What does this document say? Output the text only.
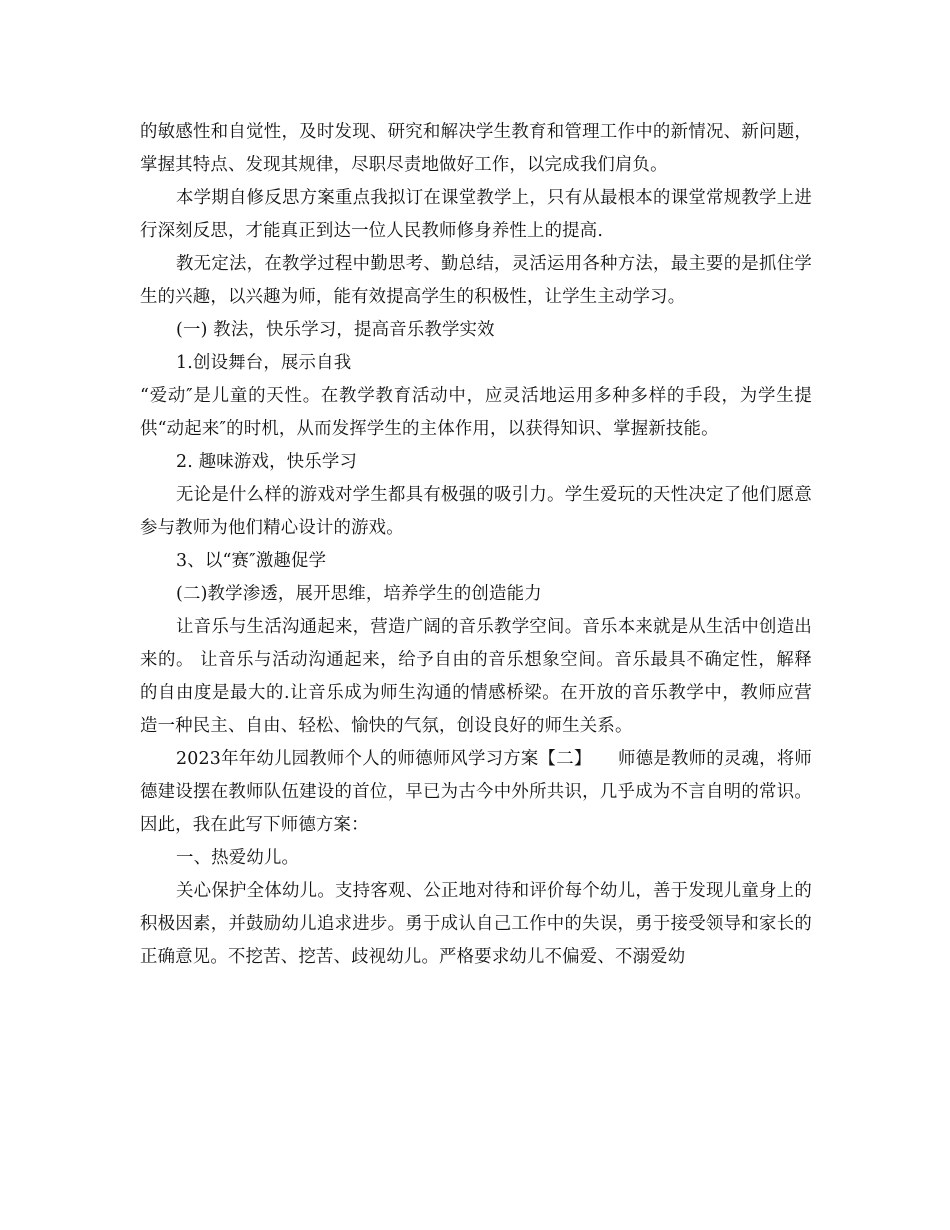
的敏感性和自觉性，及时发现、研究和解决学生教育和管理工作中的新情况、新问题，掌握其特点、发现其规律，尽职尽责地做好工作，以完成我们肩负。

本学期自修反思方案重点我拟订在课堂教学上，只有从最根本的课堂常规教学上进行深刻反思，才能真正到达一位人民教师修身养性上的提高.

教无定法，在教学过程中勤思考、勤总结，灵活运用各种方法，最主要的是抓住学生的兴趣，以兴趣为师，能有效提高学生的积极性，让学生主动学习。

(一) 教法，快乐学习，提高音乐教学实效

1.创设舞台，展示自我

“爱动″是儿童的天性。在教学教育活动中，应灵活地运用多种多样的手段，为学生提供“动起来″的时机，从而发挥学生的主体作用，以获得知识、掌握新技能。

2. 趣味游戏，快乐学习

无论是什么样的游戏对学生都具有极强的吸引力。学生爱玩的天性决定了他们愿意参与教师为他们精心设计的游戏。

3、以“赛″激趣促学

(二)教学渗透，展开思维，培养学生的创造能力

让音乐与生活沟通起来，营造广阔的音乐教学空间。音乐本来就是从生活中创造出来的。 让音乐与活动沟通起来，给予自由的音乐想象空间。音乐最具不确定性，解释的自由度是最大的.让音乐成为师生沟通的情感桥梁。在开放的音乐教学中，教师应营造一种民主、自由、轻松、愉快的气氛，创设良好的师生关系。

2023年年幼儿园教师个人的师德师风学习方案【二】　　师德是教师的灵魂，将师德建设摆在教师队伍建设的首位，早已为古今中外所共识，几乎成为不言自明的常识。因此，我在此写下师德方案：

一、热爱幼儿。

关心保护全体幼儿。支持客观、公正地对待和评价每个幼儿，善于发现儿童身上的积极因素，并鼓励幼儿追求进步。勇于成认自己工作中的失误，勇于接受领导和家长的正确意见。不挖苦、挖苦、歧视幼儿。严格要求幼儿不偏爱、不溺爱幼
